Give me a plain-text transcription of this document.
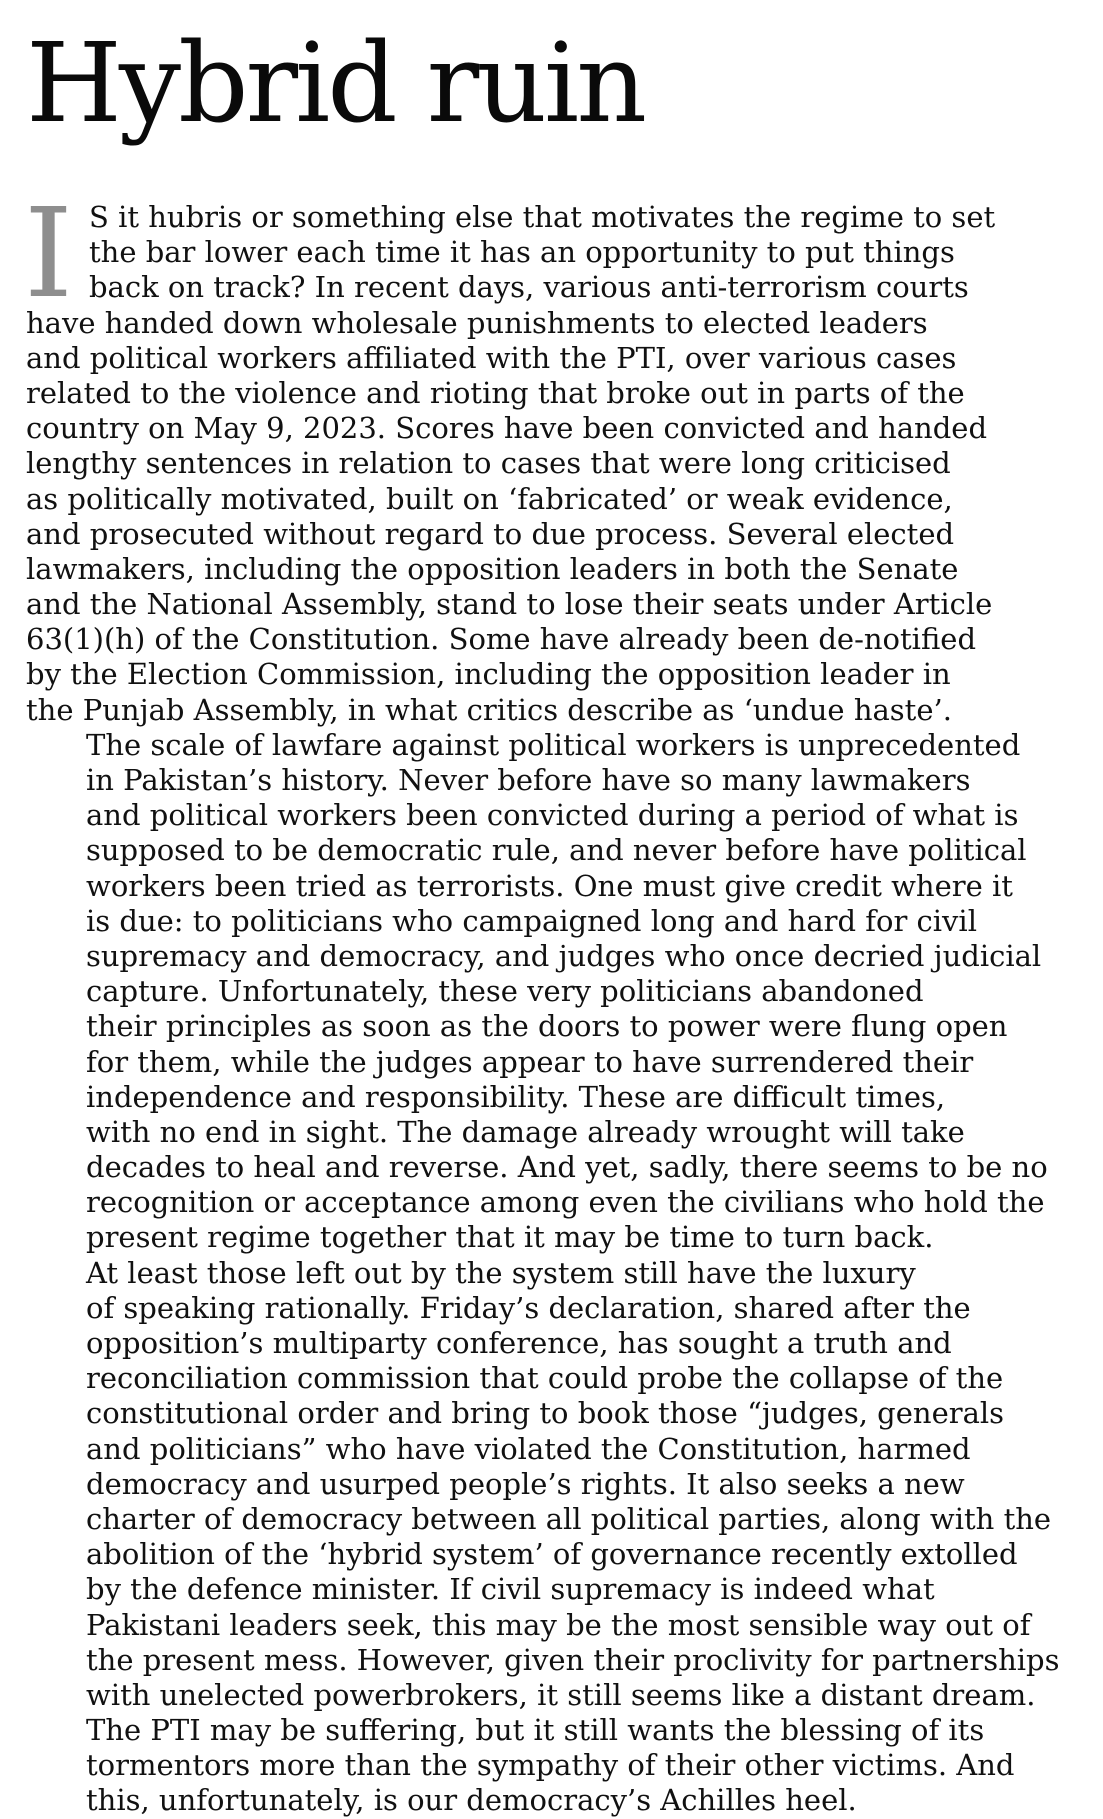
Hybrid ruin
I S it hubris or something else that motivates the regime to set
the bar lower each time it has an opportunity to put things
back on track? In recent days, various anti-terrorism courts
have handed down wholesale punishments to elected leaders
and political workers affiliated with the PTI, over various cases
related to the violence and rioting that broke out in parts of the
country on May 9, 2023. Scores have been convicted and handed
lengthy sentences in relation to cases that were long criticised
as politically motivated, built on ‘fabricated’ or weak evidence,
and prosecuted without regard to due process. Several elected
lawmakers, including the opposition leaders in both the Senate
and the National Assembly, stand to lose their seats under Article
63(1)(h) of the Constitution. Some have already been de-notified
by the Election Commission, including the opposition leader in
the Punjab Assembly, in what critics describe as ‘undue haste’.
The scale of lawfare against political workers is unprecedented
in Pakistan’s history. Never before have so many lawmakers
and political workers been convicted during a period of what is
supposed to be democratic rule, and never before have political
workers been tried as terrorists. One must give credit where it
is due: to politicians who campaigned long and hard for civil
supremacy and democracy, and judges who once decried judicial
capture. Unfortunately, these very politicians abandoned
their principles as soon as the doors to power were flung open
for them, while the judges appear to have surrendered their
independence and responsibility. These are difficult times,
with no end in sight. The damage already wrought will take
decades to heal and reverse. And yet, sadly, there seems to be no
recognition or acceptance among even the civilians who hold the
present regime together that it may be time to turn back.
At least those left out by the system still have the luxury
of speaking rationally. Friday’s declaration, shared after the
opposition’s multiparty conference, has sought a truth and
reconciliation commission that could probe the collapse of the
constitutional order and bring to book those “judges, generals
and politicians” who have violated the Constitution, harmed
democracy and usurped people’s rights. It also seeks a new
charter of democracy between all political parties, along with the
abolition of the ‘hybrid system’ of governance recently extolled
by the defence minister. If civil supremacy is indeed what
Pakistani leaders seek, this may be the most sensible way out of
the present mess. However, given their proclivity for partnerships
with unelected powerbrokers, it still seems like a distant dream.
The PTI may be suffering, but it still wants the blessing of its
tormentors more than the sympathy of their other victims. And
this, unfortunately, is our democracy’s Achilles heel.
